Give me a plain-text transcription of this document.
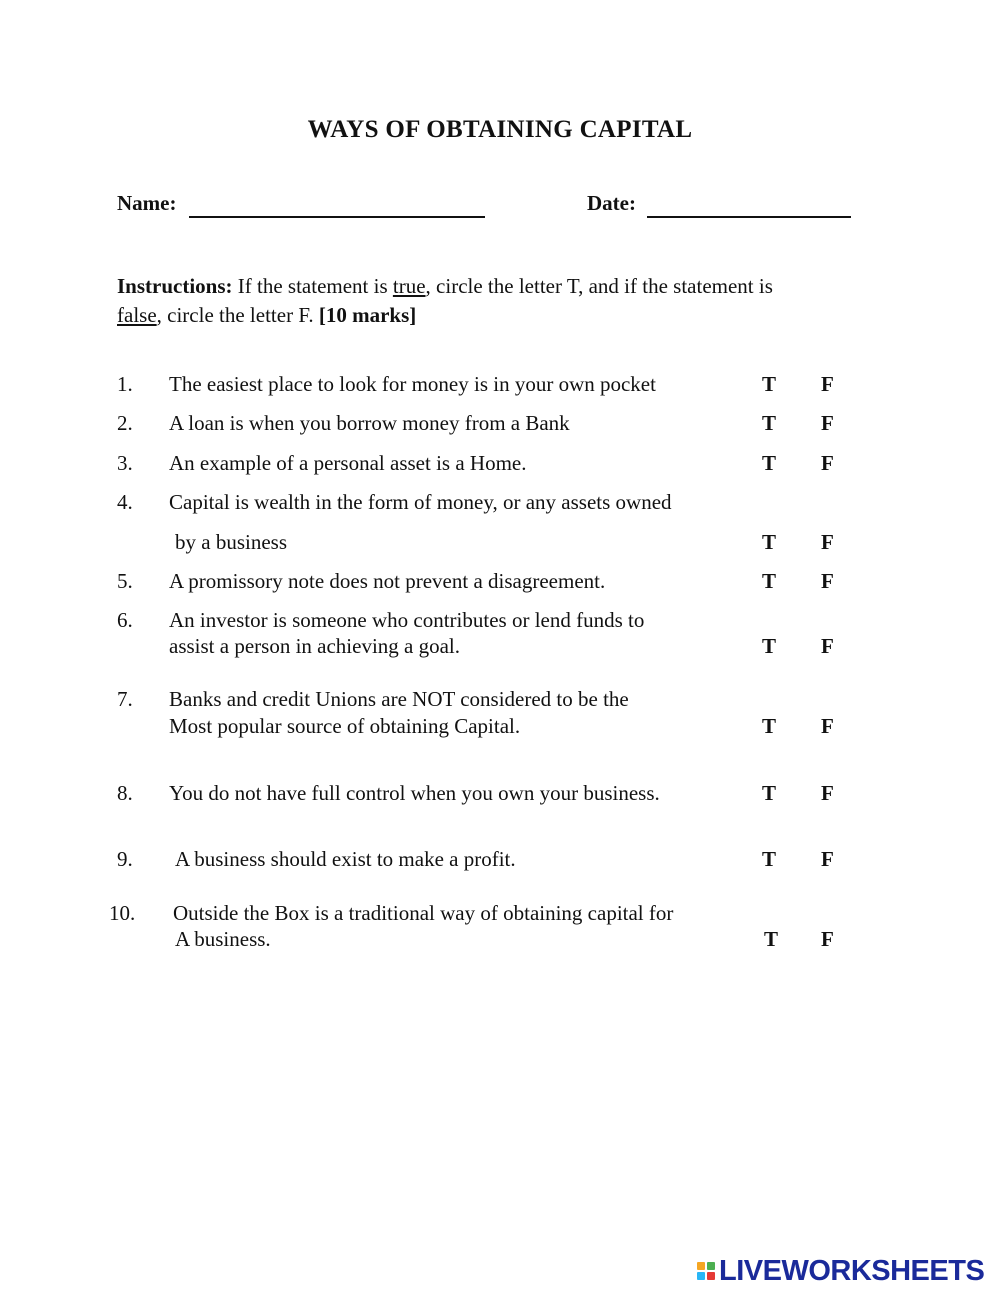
WAYS OF OBTAINING CAPITAL
Name:	Date:
Instructions: If the statement is true, circle the letter T, and if the statement is
false, circle the letter F. [10 marks]
1. The easiest place to look for money is in your own pocket	T F
2. A loan is when you borrow money from a Bank	T F
3. An example of a personal asset is a Home.	T F
4. Capital is wealth in the form of money, or any assets owned
by a business	T F
5. A promissory note does not prevent a disagreement.	T F
6. An investor is someone who contributes or lend funds to
assist a person in achieving a goal.	T F
7. Banks and credit Unions are NOT considered to be the
Most popular source of obtaining Capital.	T F
8. You do not have full control when you own your business.	T F
9. A business should exist to make a profit.	T F
10. Outside the Box is a traditional way of obtaining capital for
A business.	T F
LIVEWORKSHEETS
